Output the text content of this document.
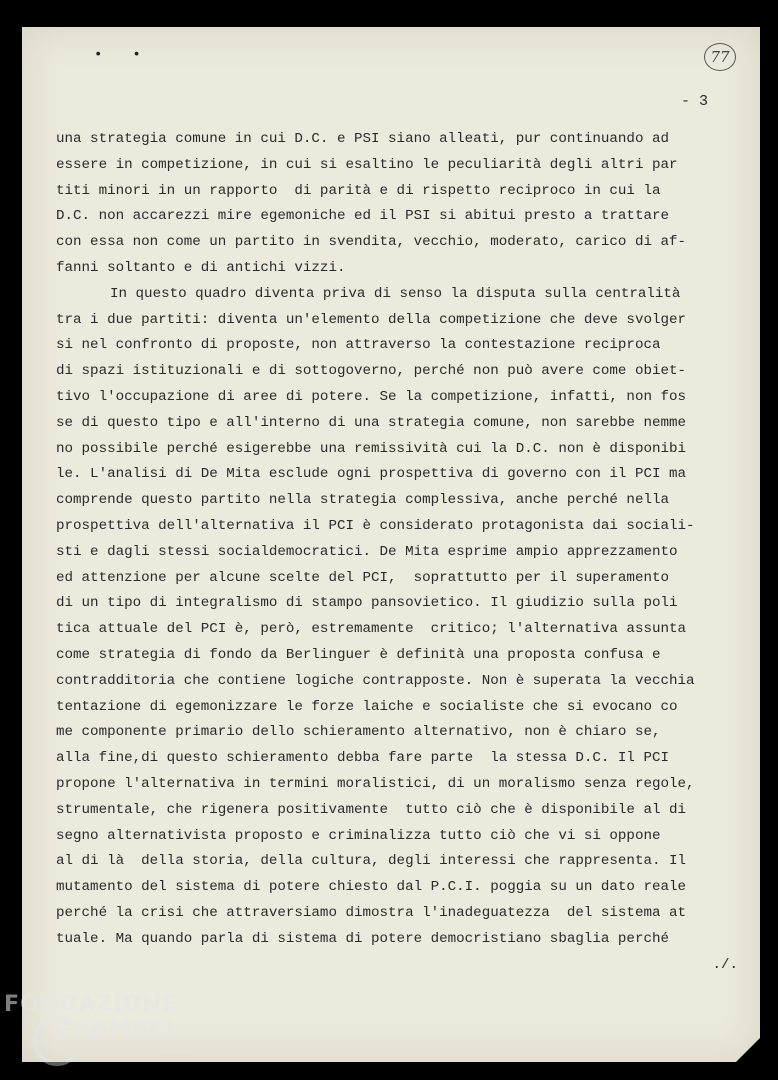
••	77
- 3
una strategia comune in cui D.C. e PSI siano alleati, pur continuando ad
essere in competizione, in cui si esaltino le peculiarità degli altri par
titi minori in un rapporto  di parità e di rispetto reciproco in cui la
D.C. non accarezzi mire egemoniche ed il PSI si abitui presto a trattare
con essa non come un partito in svendita, vecchio, moderato, carico di af-
fanni soltanto e di antichi vizzi.
In questo quadro diventa priva di senso la disputa sulla centralità
tra i due partiti: diventa un'elemento della competizione che deve svolger
si nel confronto di proposte, non attraverso la contestazione reciproca
di spazi istituzionali e di sottogoverno, perché non può avere come obiet-
tivo l'occupazione di aree di potere. Se la competizione, infatti, non fos
se di questo tipo e all'interno di una strategia comune, non sarebbe nemme
no possibile perché esigerebbe una remissività cui la D.C. non è disponibi
le. L'analisi di De Mita esclude ogni prospettiva di governo con il PCI ma
comprende questo partito nella strategia complessiva, anche perché nella
prospettiva dell'alternativa il PCI è considerato protagonista dai sociali-
sti e dagli stessi socialdemocratici. De Mita esprime ampio apprezzamento
ed attenzione per alcune scelte del PCI,  soprattutto per il superamento
di un tipo di integralismo di stampo pansovietico. Il giudizio sulla poli
tica attuale del PCI è, però, estremamente  critico; l'alternativa assunta
come strategia di fondo da Berlinguer è definità una proposta confusa e
contradditoria che contiene logiche contrapposte. Non è superata la vecchia
tentazione di egemonizzare le forze laiche e socialiste che si evocano co
me componente primario dello schieramento alternativo, non è chiaro se,
alla fine,di questo schieramento debba fare parte  la stessa D.C. Il PCI
propone l'alternativa in termini moralistici, di un moralismo senza regole,
strumentale, che rigenera positivamente  tutto ciò che è disponibile al di
segno alternativista proposto e criminalizza tutto ciò che vi si oppone
al di là  della storia, della cultura, degli interessi che rappresenta. Il
mutamento del sistema di potere chiesto dal P.C.I. poggia su un dato reale
perché la crisi che attraversiamo dimostra l'inadeguatezza  del sistema at
tuale. Ma quando parla di sistema di potere democristiano sbaglia perché
./.
FONDAZIONE
GRAMSCI
onlus
